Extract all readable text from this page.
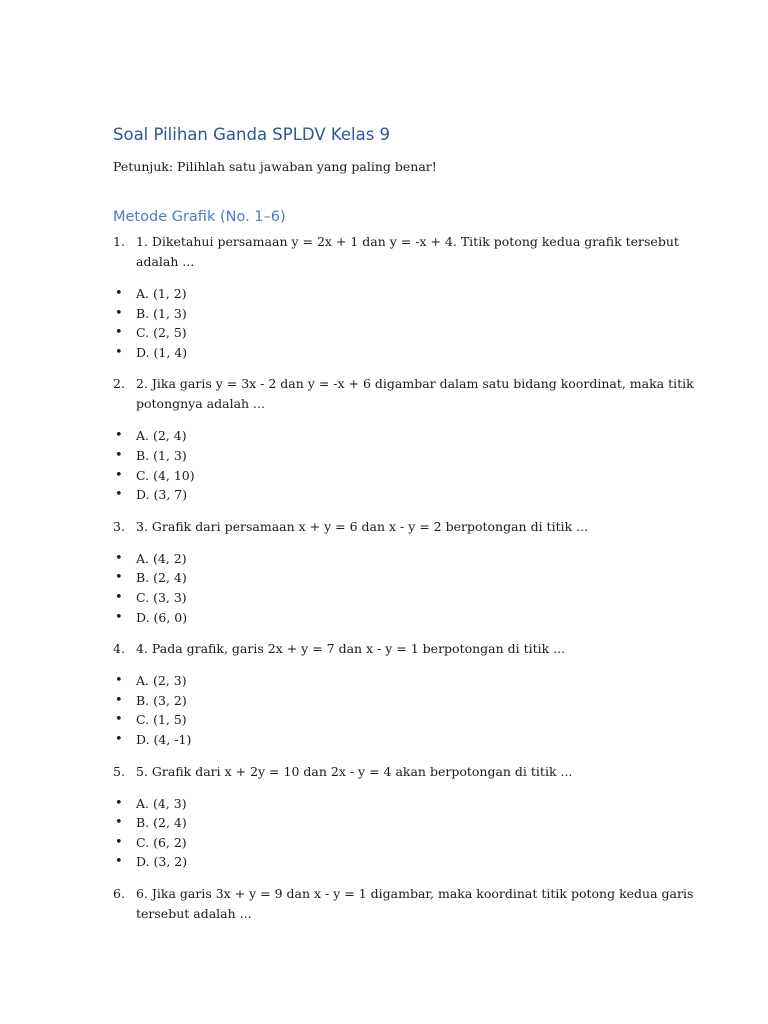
Soal Pilihan Ganda SPLDV Kelas 9

Petunjuk: Pilihlah satu jawaban yang paling benar!

Metode Grafik (No. 1–6)

1. 1. Diketahui persamaan y = 2x + 1 dan y = -x + 4. Titik potong kedua grafik tersebut adalah ...

• A. (1, 2)
• B. (1, 3)
• C. (2, 5)
• D. (1, 4)

2. 2. Jika garis y = 3x - 2 dan y = -x + 6 digambar dalam satu bidang koordinat, maka titik potongnya adalah ...

• A. (2, 4)
• B. (1, 3)
• C. (4, 10)
• D. (3, 7)

3. 3. Grafik dari persamaan x + y = 6 dan x - y = 2 berpotongan di titik ...

• A. (4, 2)
• B. (2, 4)
• C. (3, 3)
• D. (6, 0)

4. 4. Pada grafik, garis 2x + y = 7 dan x - y = 1 berpotongan di titik ...

• A. (2, 3)
• B. (3, 2)
• C. (1, 5)
• D. (4, -1)

5. 5. Grafik dari x + 2y = 10 dan 2x - y = 4 akan berpotongan di titik ...

• A. (4, 3)
• B. (2, 4)
• C. (6, 2)
• D. (3, 2)

6. 6. Jika garis 3x + y = 9 dan x - y = 1 digambar, maka koordinat titik potong kedua garis tersebut adalah ...
